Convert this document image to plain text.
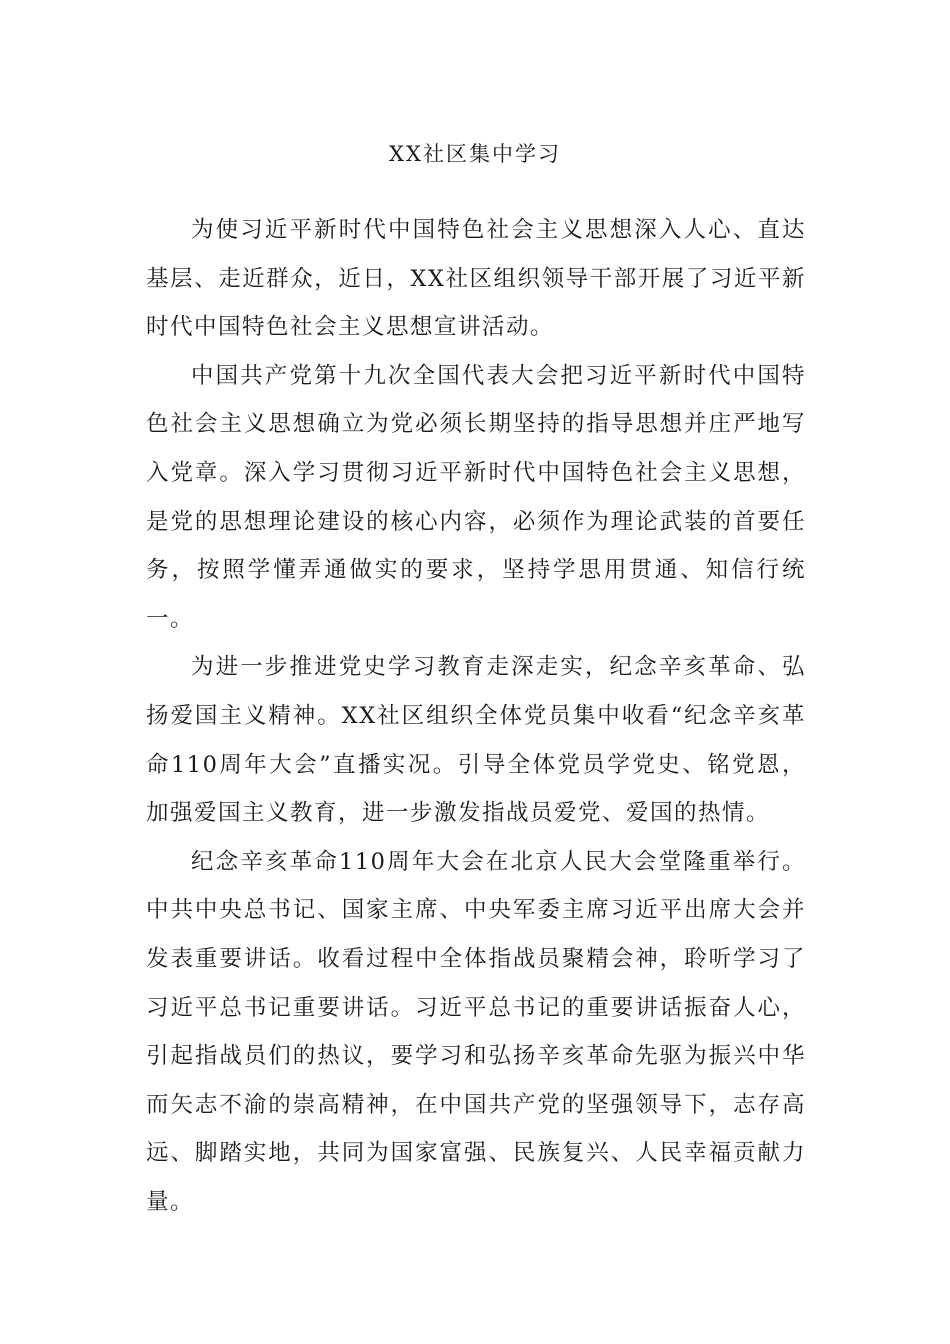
XX社区集中学习

为使习近平新时代中国特色社会主义思想深入人心、直达基层、走近群众，近日，XX社区组织领导干部开展了习近平新时代中国特色社会主义思想宣讲活动。

中国共产党第十九次全国代表大会把习近平新时代中国特色社会主义思想确立为党必须长期坚持的指导思想并庄严地写入党章。深入学习贯彻习近平新时代中国特色社会主义思想，是党的思想理论建设的核心内容，必须作为理论武装的首要任务，按照学懂弄通做实的要求，坚持学思用贯通、知信行统一。

为进一步推进党史学习教育走深走实，纪念辛亥革命、弘扬爱国主义精神。XX社区组织全体党员集中收看“纪念辛亥革命110周年大会”直播实况。引导全体党员学党史、铭党恩，加强爱国主义教育，进一步激发指战员爱党、爱国的热情。

纪念辛亥革命110周年大会在北京人民大会堂隆重举行。中共中央总书记、国家主席、中央军委主席习近平出席大会并发表重要讲话。收看过程中全体指战员聚精会神，聆听学习了习近平总书记重要讲话。习近平总书记的重要讲话振奋人心，引起指战员们的热议，要学习和弘扬辛亥革命先驱为振兴中华而矢志不渝的崇高精神，在中国共产党的坚强领导下，志存高远、脚踏实地，共同为国家富强、民族复兴、人民幸福贡献力量。
